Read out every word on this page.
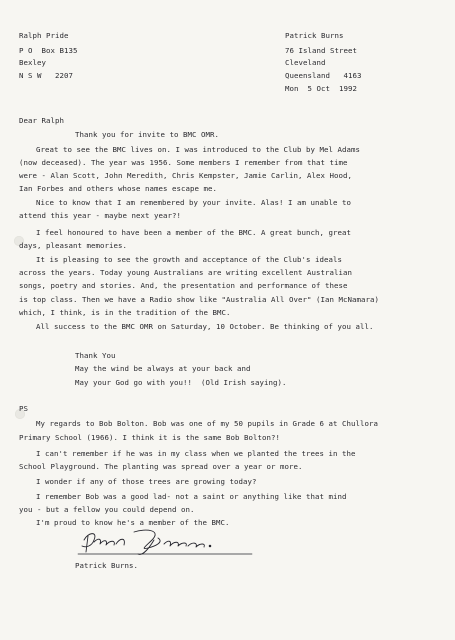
Ralph Pride
P O  Box B135
Bexley
N S W   2207
Patrick Burns
76 Island Street
Cleveland
Queensland   4163
Mon  5 Oct  1992
Dear Ralph
Thank you for invite to BMC OMR.
Great to see the BMC lives on. I was introduced to the Club by Mel Adams
(now deceased). The year was 1956. Some members I remember from that time
were - Alan Scott, John Meredith, Chris Kempster, Jamie Carlin, Alex Hood,
Ian Forbes and others whose names escape me.
Nice to know that I am remembered by your invite. Alas! I am unable to
attend this year - maybe next year?!
I feel honoured to have been a member of the BMC. A great bunch, great
days, pleasant memories.
It is pleasing to see the growth and acceptance of the Club's ideals
across the years. Today young Australians are writing excellent Australian
songs, poetry and stories. And, the presentation and performance of these
is top class. Then we have a Radio show like "Australia All Over" (Ian McNamara)
which, I think, is in the tradition of the BMC.
All success to the BMC OMR on Saturday, 10 October. Be thinking of you all.
Thank You
May the wind be always at your back and
May your God go with you!!  (Old Irish saying).
PS
My regards to Bob Bolton. Bob was one of my 50 pupils in Grade 6 at Chullora
Primary School (1966). I think it is the same Bob Bolton?!
I can't remember if he was in my class when we planted the trees in the
School Playground. The planting was spread over a year or more.
I wonder if any of those trees are growing today?
I remember Bob was a good lad- not a saint or anything like that mind
you - but a fellow you could depend on.
I'm proud to know he's a member of the BMC.
Patrick Burns.
